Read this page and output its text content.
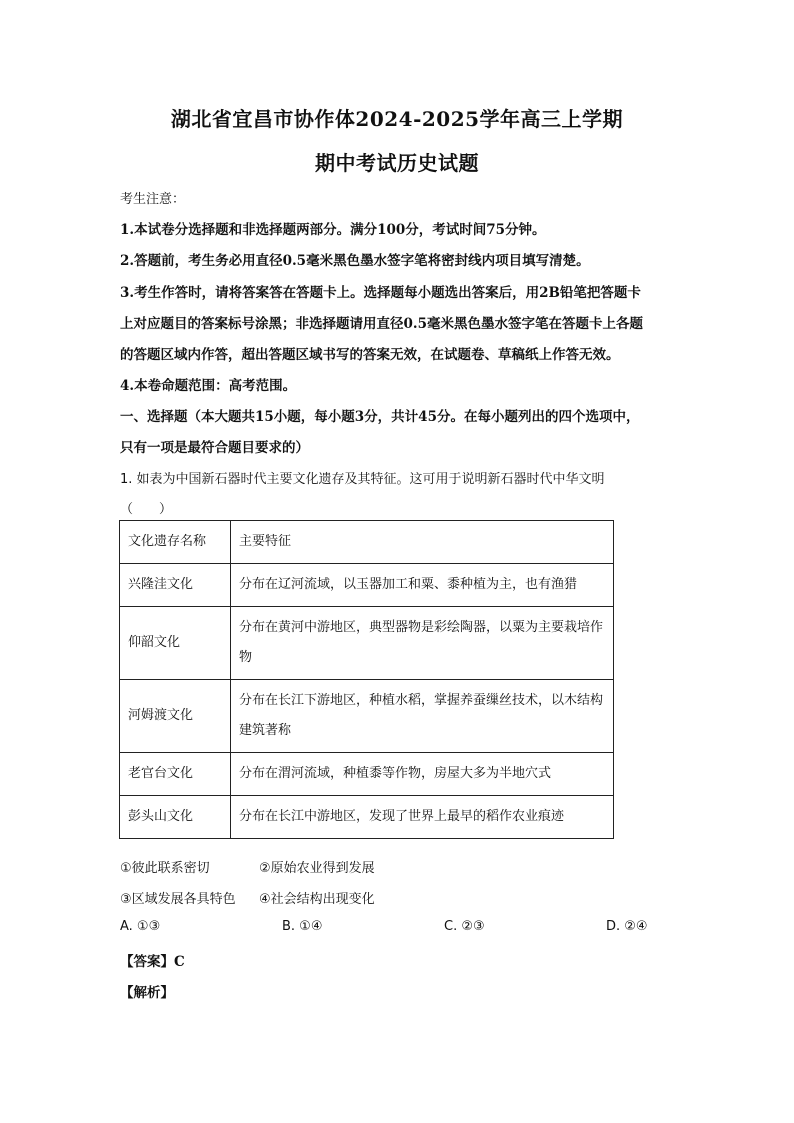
湖北省宜昌市协作体2024-2025学年高三上学期
期中考试历史试题
考生注意：
1.本试卷分选择题和非选择题两部分。满分100分，考试时间75分钟。
2.答题前，考生务必用直径0.5毫米黑色墨水签字笔将密封线内项目填写清楚。
3.考生作答时，请将答案答在答题卡上。选择题每小题选出答案后，用2B铅笔把答题卡
上对应题目的答案标号涂黑；非选择题请用直径0.5毫米黑色墨水签字笔在答题卡上各题
的答题区域内作答，超出答题区域书写的答案无效，在试题卷、草稿纸上作答无效。
4.本卷命题范围：高考范围。
一、选择题（本大题共15小题，每小题3分，共计45分。在每小题列出的四个选项中，
只有一项是最符合题目要求的）
1. 如表为中国新石器时代主要文化遗存及其特征。这可用于说明新石器时代中华文明
（　　）
文化遗存名称	主要特征
兴隆洼文化	分布在辽河流域，以玉器加工和粟、黍种植为主，也有渔猎
仰韶文化	分布在黄河中游地区，典型器物是彩绘陶器，以粟为主要栽培作物
河姆渡文化	分布在长江下游地区，种植水稻，掌握养蚕缫丝技术，以木结构建筑著称
老官台文化	分布在渭河流域，种植黍等作物，房屋大多为半地穴式
彭头山文化	分布在长江中游地区，发现了世界上最早的稻作农业痕迹
①彼此联系密切	②原始农业得到发展
③区域发展各具特色 ④社会结构出现变化
A. ①③	B. ①④	C. ②③	D. ②④
【答案】C
【解析】
